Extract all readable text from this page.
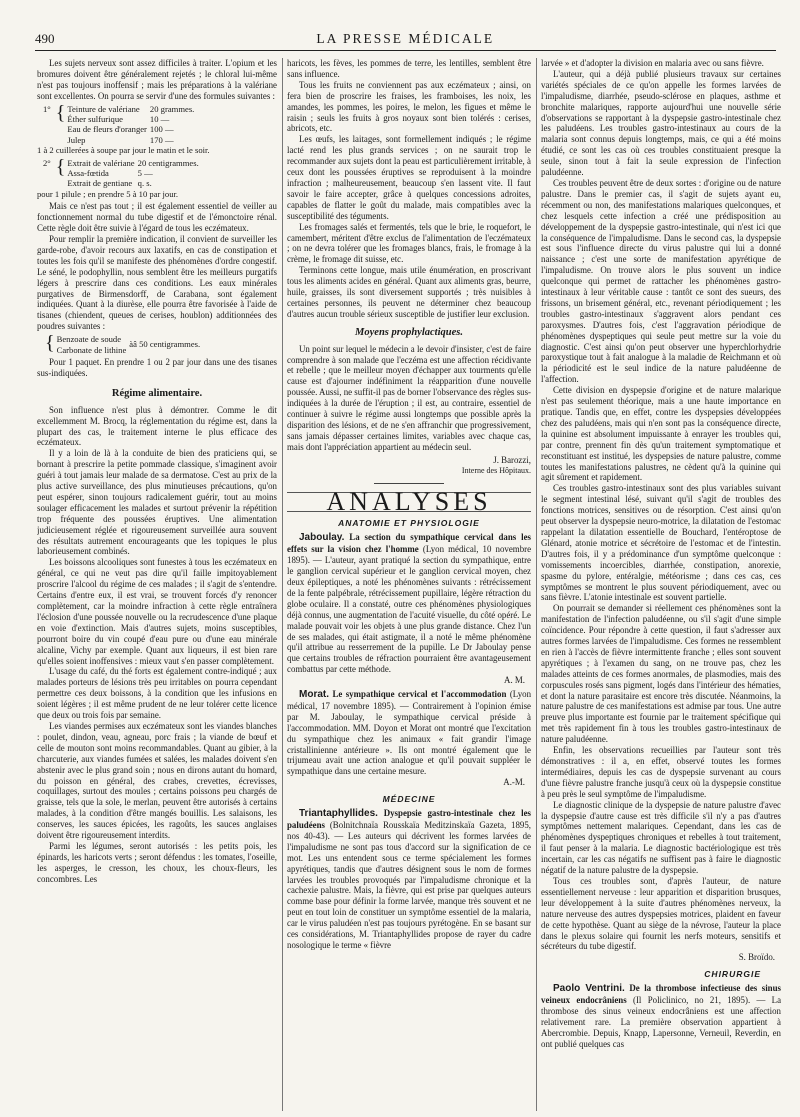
490	LA PRESSE MÉDICALE

Les sujets nerveux sont assez difficiles à traiter. L'opium et les bromures doivent être généralement rejetés ; le chloral lui-même n'est pas toujours inoffensif ; mais les préparations à la valériane sont excellentes. On pourra se servir d'une des formules suivantes :

1°	{	Teinture de valériane	20 grammes.
		Éther sulfurique	10 —
		Eau de fleurs d'oranger	100 —
		Julep	170 —

1 à 2 cuillerées à soupe par jour le matin et le soir.

2°	{	Extrait de valériane	20 centigrammes.
		Assa-fœtida	5 —
		Extrait de gentiane	q. s.

pour 1 pilule ; en prendre 5 à 10 par jour.

Mais ce n'est pas tout ; il est également essentiel de veiller au fonctionnement normal du tube digestif et de l'émonctoire rénal. Cette règle doit être suivie à l'égard de tous les eczémateux.

Pour remplir la première indication, il convient de surveiller les garde-robe, d'avoir recours aux laxatifs, en cas de constipation et toutes les fois qu'il se manifeste des phénomènes d'ordre congestif. Le séné, le podophyllin, nous semblent être les meilleurs purgatifs légers à prescrire dans ces conditions. Les eaux minérales purgatives de Birmensdorff, de Carabana, sont également indiquées. Quant à la diurèse, elle pourra être favorisée à l'aide de tisanes (chiendent, queues de cerises, houblon) additionnées des poudres suivantes :

{	Benzoate de soude	àâ 50 centigrammes.
Carbonate de lithine

Pour 1 paquet. En prendre 1 ou 2 par jour dans une des tisanes sus-indiquées.

Régime alimentaire.

Son influence n'est plus à démontrer. Comme le dit excellemment M. Brocq, la réglementation du régime est, dans la plupart des cas, le traitement interne le plus efficace des eczémateux.

Il y a loin de là à la conduite de bien des praticiens qui, se bornant à prescrire la petite pommade classique, s'imaginent avoir guéri à tout jamais leur malade de sa dermatose. C'est au prix de la plus active surveillance, des plus minutieuses précautions, qu'on peut espérer, sinon toujours radicalement guérir, tout au moins soulager efficacement les malades et surtout prévenir la répétition trop fréquente des poussées éruptives. Une alimentation judicieusement réglée et rigoureusement surveillée aura souvent des résultats autrement encourageants que les topiques le plus laborieusement combinés.

Les boissons alcooliques sont funestes à tous les eczémateux en général, ce qui ne veut pas dire qu'il faille impitoyablement proscrire l'alcool du régime de ces malades ; il s'agit de s'entendre. Certains d'entre eux, il est vrai, se trouvent forcés d'y renoncer complètement, car la moindre infraction à cette règle entraînera l'éclosion d'une poussée nouvelle ou la recrudescence d'une plaque en voie d'extinction. Mais d'autres sujets, moins susceptibles, pourront boire du vin coupé d'eau pure ou d'une eau minérale alcaline, Vichy par exemple. Quant aux liqueurs, il est bien rare qu'elles soient inoffensives : mieux vaut s'en passer complètement.

L'usage du café, du thé forts est également contre-indiqué ; aux malades porteurs de lésions très peu irritables on pourra cependant permettre ces deux boissons, à la condition que les infusions en soient légères ; il est même prudent de ne leur tolérer cette licence que deux ou trois fois par semaine.

Les viandes permises aux eczémateux sont les viandes blanches : poulet, dindon, veau, agneau, porc frais ; la viande de bœuf et celle de mouton sont moins recommandables. Quant au gibier, à la charcuterie, aux viandes fumées et salées, les malades doivent s'en abstenir avec le plus grand soin ; nous en dirons autant du homard, du poisson en général, des crabes, crevettes, écrevisses, coquillages, surtout des moules ; certains poissons peu chargés de graisse, tels que la sole, le merlan, peuvent être autorisés à certains malades, à la condition d'être mangés bouillis. Les salaisons, les conserves, les sauces épicées, les ragoûts, les sauces anglaises doivent être rigoureusement interdits.

Parmi les légumes, seront autorisés : les petits pois, les épinards, les haricots verts ; seront défendus : les tomates, l'oseille, les asperges, le cresson, les choux, les choux-fleurs, les concombres. Les

haricots, les fèves, les pommes de terre, les lentilles, semblent être sans influence.

Tous les fruits ne conviennent pas aux eczémateux ; ainsi, on fera bien de proscrire les fraises, les framboises, les noix, les amandes, les pommes, les poires, le melon, les figues et même le raisin ; seuls les fruits à gros noyaux sont bien tolérés : cerises, abricots, etc.

Les œufs, les laitages, sont formellement indiqués ; le régime lacté rend les plus grands services ; on ne saurait trop le recommander aux sujets dont la peau est particulièrement irritable, à ceux dont les poussées éruptives se reproduisent à la moindre infraction ; malheureusement, beaucoup s'en lassent vite. Il faut savoir le faire accepter, grâce à quelques concessions adroites, capables de flatter le goût du malade, mais compatibles avec la susceptibilité des téguments.

Les fromages salés et fermentés, tels que le brie, le roquefort, le camembert, méritent d'être exclus de l'alimentation de l'eczémateux ; on ne devra tolérer que les fromages blancs, frais, le fromage à la crème, le fromage dit suisse, etc.

Terminons cette longue, mais utile énumération, en proscrivant tous les aliments acides en général. Quant aux aliments gras, beurre, huile, graisses, ils sont diversement supportés ; très nuisibles à certaines personnes, ils peuvent ne déterminer chez beaucoup d'autres aucun trouble sérieux susceptible de justifier leur exclusion.

Moyens prophylactiques.

Un point sur lequel le médecin a le devoir d'insister, c'est de faire comprendre à son malade que l'eczéma est une affection récidivante et rebelle ; que le meilleur moyen d'échapper aux tourments qu'elle cause est d'ajourner indéfiniment la réapparition d'une nouvelle poussée. Aussi, ne suffit-il pas de borner l'observance des règles sus-indiquées à la durée de l'éruption ; il est, au contraire, essentiel de continuer à suivre le régime aussi longtemps que possible après la disparition des lésions, et de ne s'en affranchir que progressivement, sans jamais dépasser certaines limites, variables avec chaque cas, mais dont l'appréciation appartient au médecin seul.

J. Barozzi,
Interne des Hôpitaux.
ANALYSES
ANATOMIE ET PHYSIOLOGIE

Jaboulay. La section du sympathique cervical dans les effets sur la vision chez l'homme (Lyon médical, 10 novembre 1895). — L'auteur, ayant pratiqué la section du sympathique, entre le ganglion cervical supérieur et le ganglion cervical moyen, chez deux épileptiques, a noté les phénomènes suivants : rétrécissement de la fente palpébrale, rétrécissement pupillaire, légère rétraction du globe oculaire. Il a constaté, outre ces phénomènes physiologiques déjà connus, une augmentation de l'acuité visuelle, du côté opéré. Le malade pouvait voir les objets à une plus grande distance. Chez l'un de ses malades, qui était astigmate, il a noté le même phénomène qu'il attribue au resserrement de la pupille. Le Dr Jaboulay pense que certains troubles de réfraction pourraient être avantageusement combattus par cette méthode.

A. M.

Morat. Le sympathique cervical et l'accommodation (Lyon médical, 17 novembre 1895). — Contrairement à l'opinion émise par M. Jaboulay, le sympathique cervical préside à l'accommodation. MM. Doyon et Morat ont montré que l'excitation du sympathique chez les animaux « fait grandir l'image cristallinienne antérieure ». Ils ont montré également que le trijumeau avait une action analogue et qu'il pouvait suppléer le sympathique dans une certaine mesure.

A.-M.
MÉDECINE

Triantaphyllides. Dyspepsie gastro-intestinale chez les paludéens (Bolnitchnaïa Rousskaïa Meditzinskaïa Gazeta, 1895, nos 40-43). — Les auteurs qui décrivent les formes larvées de l'impaludisme ne sont pas tous d'accord sur la signification de ce mot. Les uns entendent sous ce terme spécialement les formes apyrétiques, tandis que d'autres désignent sous le nom de formes larvées les troubles provoqués par l'impaludisme chronique et la cachexie palustre. Mais, la fièvre, qui est prise par quelques auteurs comme base pour définir la forme larvée, manque très souvent et ne peut en tout loin de constituer un symptôme essentiel de la malaria, car le virus paludéen n'est pas toujours pyrétogène. En se basant sur ces considérations, M. Triantaphyllides propose de rayer du cadre nosologique le terme « fièvre

larvée » et d'adopter la division en malaria avec ou sans fièvre.

L'auteur, qui a déjà publié plusieurs travaux sur certaines variétés spéciales de ce qu'on appelle les formes larvées de l'impaludisme, diarrhée, pseudo-sclérose en plaques, asthme et bronchite malariques, rapporte aujourd'hui une nouvelle série d'observations se rapportant à la dyspepsie gastro-intestinale chez les paludéens. Les troubles gastro-intestinaux au cours de la malaria sont connus depuis longtemps, mais, ce qui a été moins étudié, ce sont les cas où ces troubles constituaient presque la seule, sinon tout à fait la seule expression de l'infection paludéenne.

Ces troubles peuvent être de deux sortes : d'origine ou de nature palustre. Dans le premier cas, il s'agit de sujets ayant eu, récemment ou non, des manifestations malariques quelconques, et chez lesquels cette infection a créé une prédisposition au développement de la dyspepsie gastro-intestinale, qui n'est ici que la conséquence de l'impaludisme. Dans le second cas, la dyspepsie est sous l'influence directe du virus palustre qui lui a donné naissance ; c'est une sorte de manifestation apyrétique de l'impaludisme. On trouve alors le plus souvent un indice quelconque qui permet de rattacher les phénomènes gastro-intestinaux à leur véritable cause : tantôt ce sont des sueurs, des frissons, un brisement général, etc., revenant périodiquement ; les troubles gastro-intestinaux s'aggravent alors pendant ces paroxysmes. D'autres fois, c'est l'aggravation périodique de phénomènes dyspeptiques qui seule peut mettre sur la voie du diagnostic. C'est ainsi qu'on peut observer une hyperchlorhydrie paroxystique tout à fait analogue à la maladie de Reichmann et où la périodicité est le seul indice de la nature paludéenne de l'affection.

Cette division en dyspepsie d'origine et de nature malarique n'est pas seulement théorique, mais a une haute importance en pratique. Tandis que, en effet, contre les dyspepsies développées chez des paludéens, mais qui n'en sont pas la conséquence directe, la quinine est absolument impuissante à enrayer les troubles qui, par contre, prennent fin dès qu'un traitement symptomatique et reconstituant est institué, les dyspepsies de nature palustre, comme toutes les manifestations palustres, ne cèdent qu'à la quinine qui agit sûrement et rapidement.

Ces troubles gastro-intestinaux sont des plus variables suivant le segment intestinal lésé, suivant qu'il s'agit de troubles des fonctions motrices, sensitives ou de résorption. C'est ainsi qu'on peut observer la dyspepsie neuro-motrice, la dilatation de l'estomac rappelant la dilatation essentielle de Bouchard, l'entéroptose de Glénard, atonie motrice et sécrétoire de l'estomac et de l'intestin. D'autres fois, il y a prédominance d'un symptôme quelconque : vomissements incoercibles, diarrhée, constipation, anorexie, spasme du pylore, entéralgie, météorisme ; dans ces cas, ces symptômes se montrent le plus souvent périodiquement, avec ou sans fièvre. L'atonie intestinale est souvent partielle.

On pourrait se demander si réellement ces phénomènes sont la manifestation de l'infection paludéenne, ou s'il s'agit d'une simple coïncidence. Pour répondre à cette question, il faut s'adresser aux autres formes larvées de l'impaludisme. Ces formes ne ressemblent en rien à l'accès de fièvre intermittente franche ; elles sont souvent apyrétiques ; à l'examen du sang, on ne trouve pas, chez les malades atteints de ces formes anormales, de plasmodies, mais des corpuscules rosés sans pigment, logés dans l'intérieur des hématies, et dont la nature parasitaire est encore très discutée. Néanmoins, la nature palustre de ces manifestations est admise par tous. Une autre preuve plus importante est fournie par le traitement spécifique qui met très rapidement fin à tous les troubles gastro-intestinaux de nature paludéenne.

Enfin, les observations recueillies par l'auteur sont très démonstratives : il a, en effet, observé toutes les formes intermédiaires, depuis les cas de dyspepsie survenant au cours d'une fièvre palustre franche jusqu'à ceux où la dyspepsie constitue à peu près le seul symptôme de l'impaludisme.

Le diagnostic clinique de la dyspepsie de nature palustre d'avec la dyspepsie d'autre cause est très difficile s'il n'y a pas d'autres symptômes nettement malariques. Cependant, dans les cas de phénomènes dyspeptiques chroniques et rebelles à tout traitement, il faut penser à la malaria. Le diagnostic bactériologique est très incertain, car les cas négatifs ne suffisent pas à faire le diagnostic négatif de la nature palustre de la dyspepsie.

Tous ces troubles sont, d'après l'auteur, de nature essentiellement nerveuse : leur apparition et disparition brusques, leur développement à la suite d'autres phénomènes nerveux, la nature nerveuse des autres dyspepsies motrices, plaident en faveur de cette hypothèse. Quant au siège de la névrose, l'auteur la place dans le plexus solaire qui fournit les nerfs moteurs, sensitifs et sécréteurs du tube digestif.

S. Broïdo.
CHIRURGIE

Paolo Ventrini. De la thrombose infectieuse des sinus veineux endocrâniens (Il Policlinico, no 21, 1895). — La thrombose des sinus veineux endocrâniens est une affection relativement rare. La première observation appartient à Abercrombie. Depuis, Knapp, Lapersonne, Verneuil, Reverdin, en ont publié quelques cas
